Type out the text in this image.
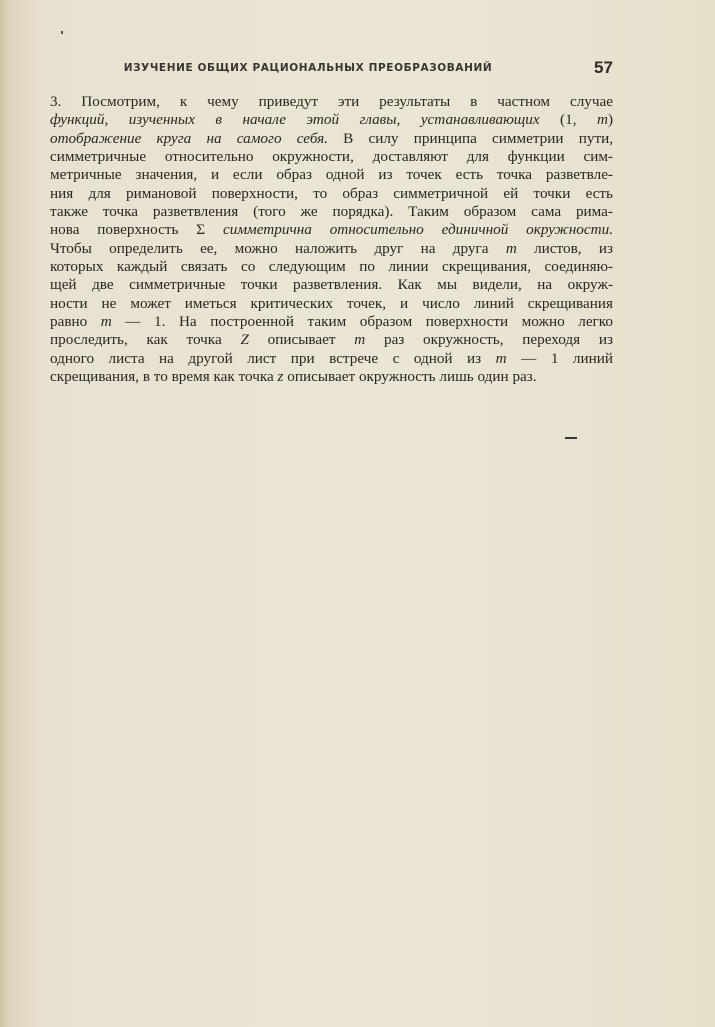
ИЗУЧЕНИЕ ОБЩИХ РАЦИОНАЛЬНЫХ ПРЕОБРАЗОВАНИЙ	57
3. Посмотрим, к чему приведут эти результаты в частном случае
функций, изученных в начале этой главы, устанавливающих (1, m)
отображение круга на самого себя. В силу принципа симметрии пути,
симметричные относительно окружности, доставляют для функции сим-
метричные значения, и если образ одной из точек есть точка разветвле-
ния для римановой поверхности, то образ симметричной ей точки есть
также точка разветвления (того же порядка). Таким образом сама рима-
нова поверхность Σ симметрична относительно единичной окружности.
Чтобы определить ее, можно наложить друг на друга m листов, из
которых каждый связать со следующим по линии скрещивания, соединяю-
щей две симметричные точки разветвления. Как мы видели, на окруж-
ности не может иметься критических точек, и число линий скрещивания
равно m — 1. На построенной таким образом поверхности можно легко
проследить, как точка Z описывает m раз окружность, переходя из
одного листа на другой лист при встрече с одной из m — 1 линий
скрещивания, в то время как точка z описывает окружность лишь один раз.
